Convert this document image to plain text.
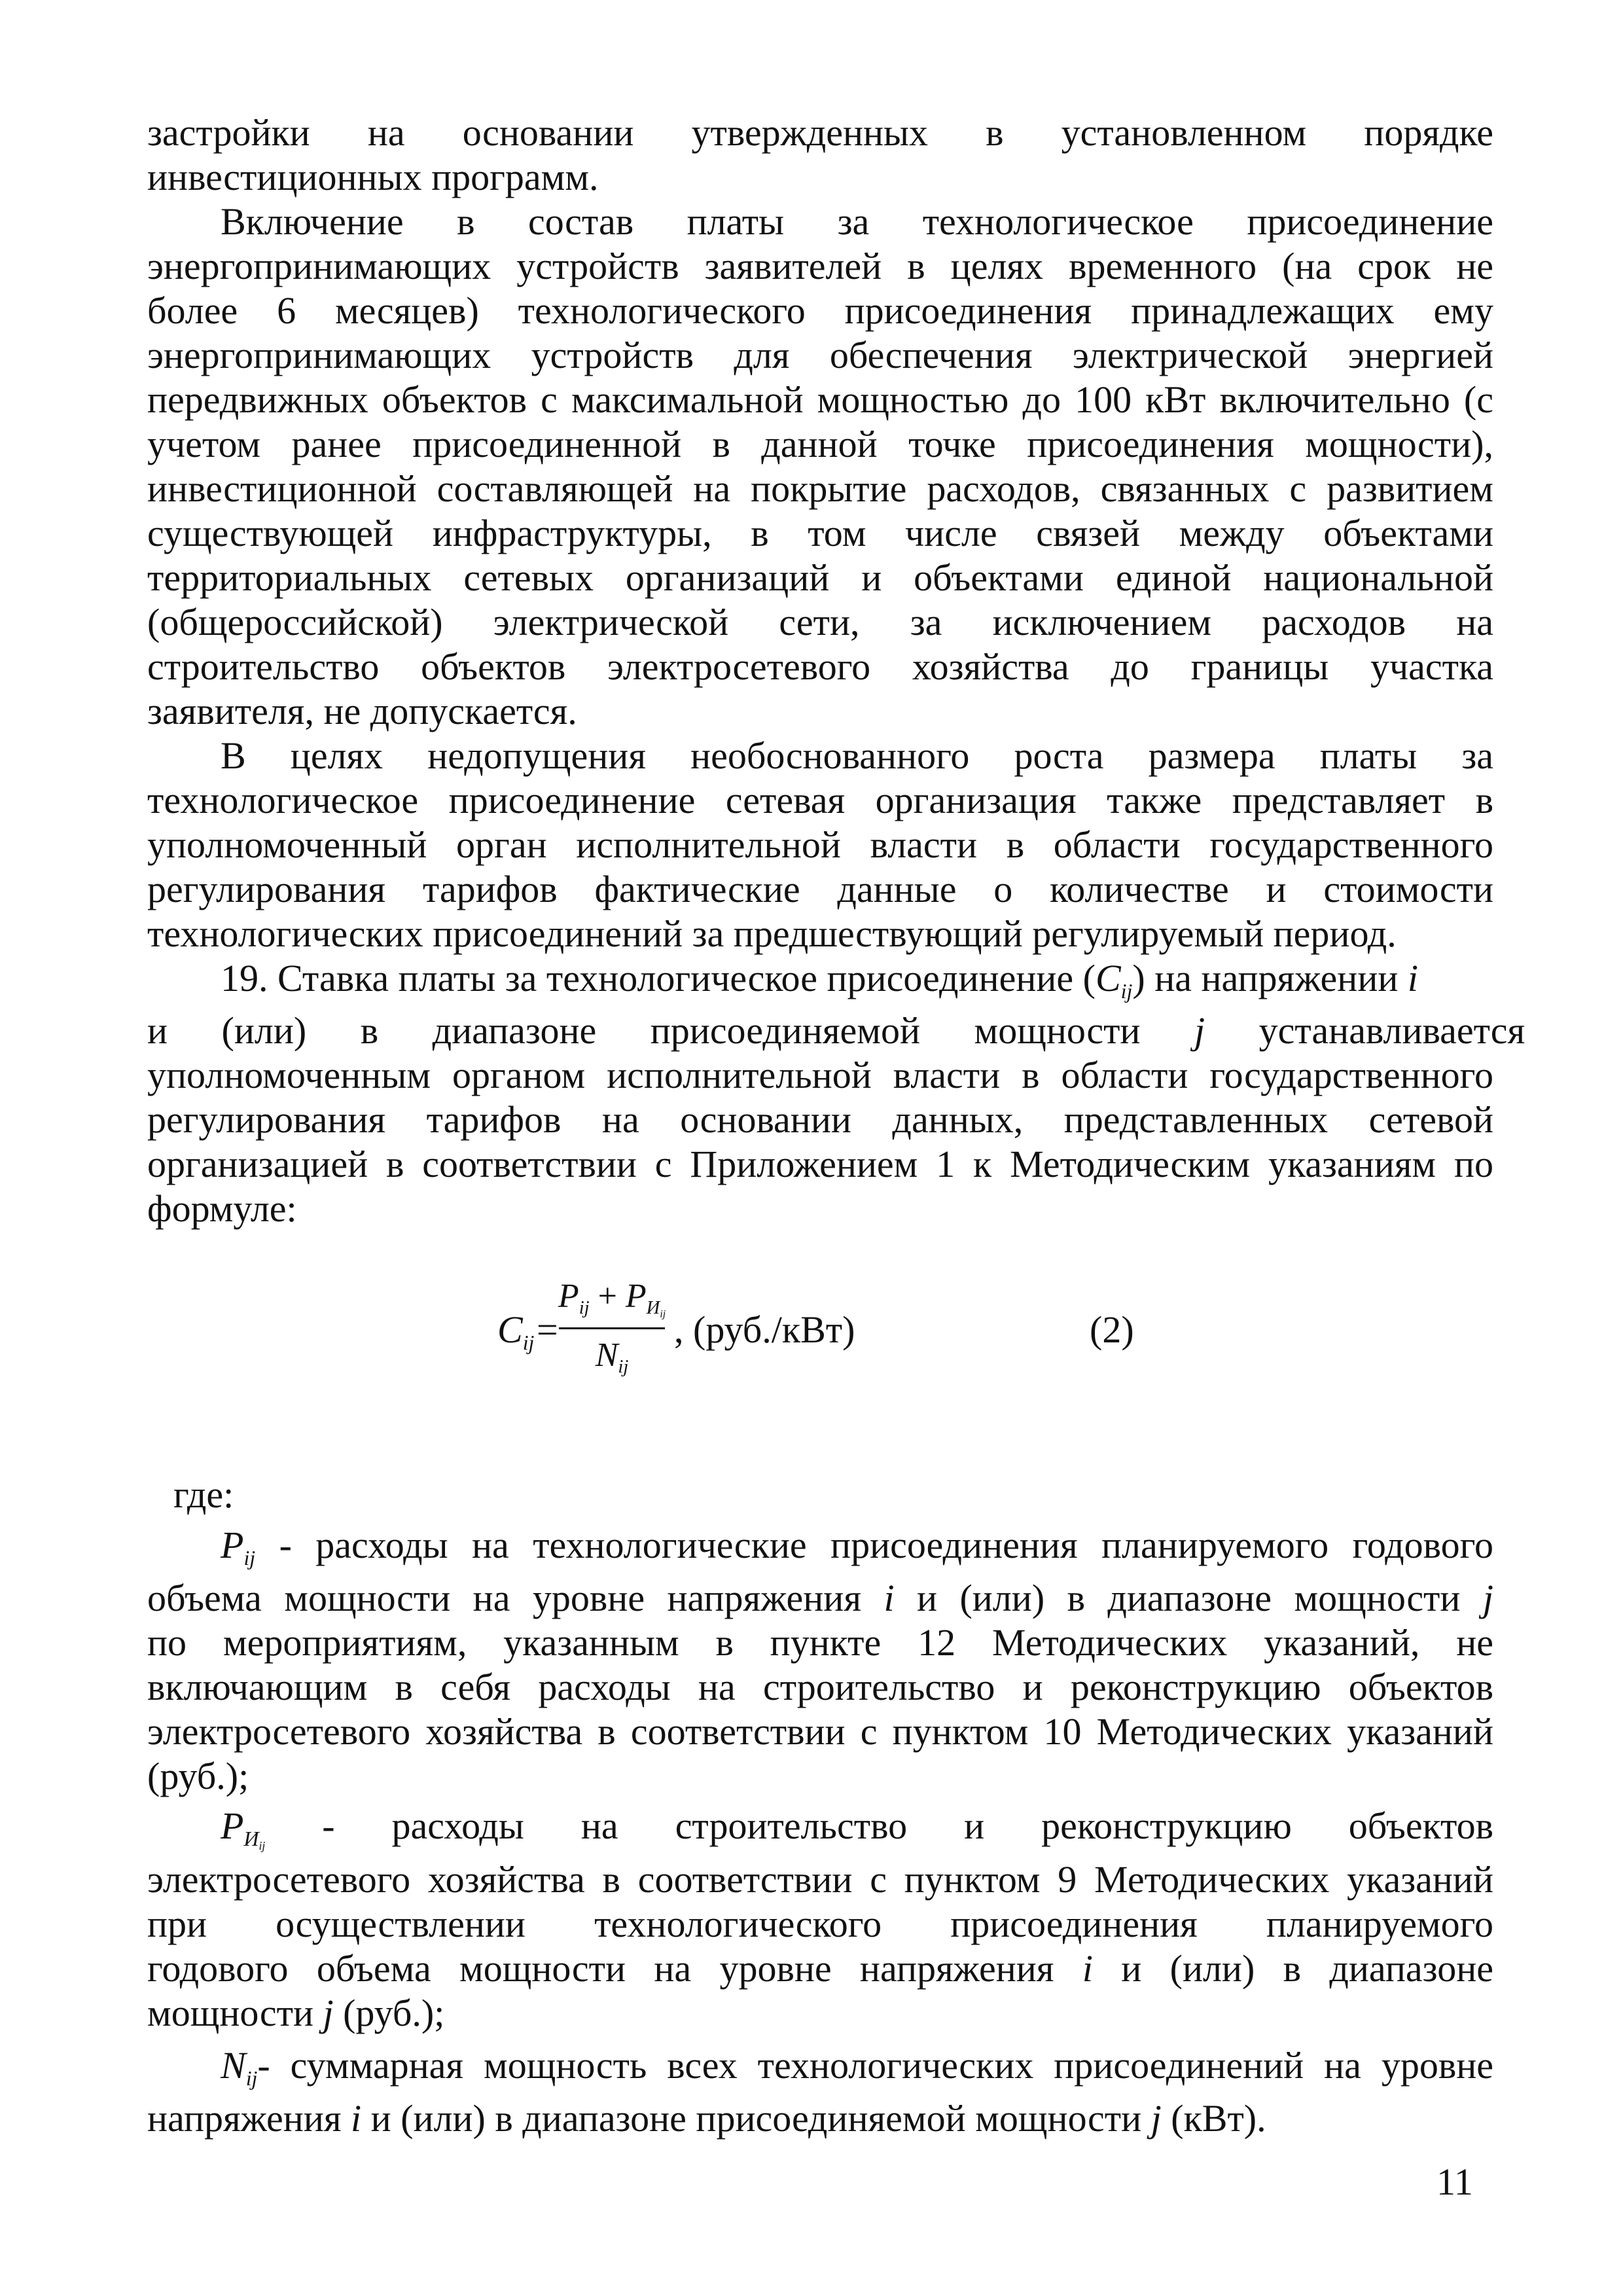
застройки на основании утвержденных в установленном порядке
инвестиционных программ.
Включение в состав платы за технологическое присоединение
энергопринимающих устройств заявителей в целях временного (на срок не
более 6 месяцев) технологического присоединения принадлежащих ему
энергопринимающих устройств для обеспечения электрической энергией
передвижных объектов с максимальной мощностью до 100 кВт включительно (с
учетом ранее присоединенной в данной точке присоединения мощности),
инвестиционной составляющей на покрытие расходов, связанных с развитием
существующей инфраструктуры, в том числе связей между объектами
территориальных сетевых организаций и объектами единой национальной
(общероссийской) электрической сети, за исключением расходов на
строительство объектов электросетевого хозяйства до границы участка
заявителя, не допускается.
В целях недопущения необоснованного роста размера платы за
технологическое присоединение сетевая организация также представляет в
уполномоченный орган исполнительной власти в области государственного
регулирования тарифов фактические данные о количестве и стоимости
технологических присоединений за предшествующий регулируемый период.
19. Ставка платы за технологическое присоединение $(C_{ij})$ на напряжении i
и (или) в диапазоне присоединяемой мощности j устанавливается
уполномоченным органом исполнительной власти в области государственного
регулирования тарифов на основании данных, представленных сетевой
организацией в соответствии с Приложением 1 к Методическим указаниям по
формуле:
$C_{ij}$ =
$P_{ij} + P_{И_{ij}}$
$N_{ij}$
, (руб./кВт)	(2)
где:
$P_{ij}$ - расходы на технологические присоединения планируемого годового
объема мощности на уровне напряжения i и (или) в диапазоне мощности j
по мероприятиям, указанным в пункте 12 Методических указаний, не
включающим в себя расходы на строительство и реконструкцию объектов
электросетевого хозяйства в соответствии с пунктом 10 Методических указаний
(руб.);
$P_{И_{ij}}$ - расходы на строительство и реконструкцию объектов
электросетевого хозяйства в соответствии с пунктом 9 Методических указаний
при осуществлении технологического присоединения планируемого
годового объема мощности на уровне напряжения i и (или) в диапазоне
мощности j (руб.);
$N_{ij}-$ суммарная мощность всех технологических присоединений на уровне
напряжения i и (или) в диапазоне присоединяемой мощности j (кВт).
11
